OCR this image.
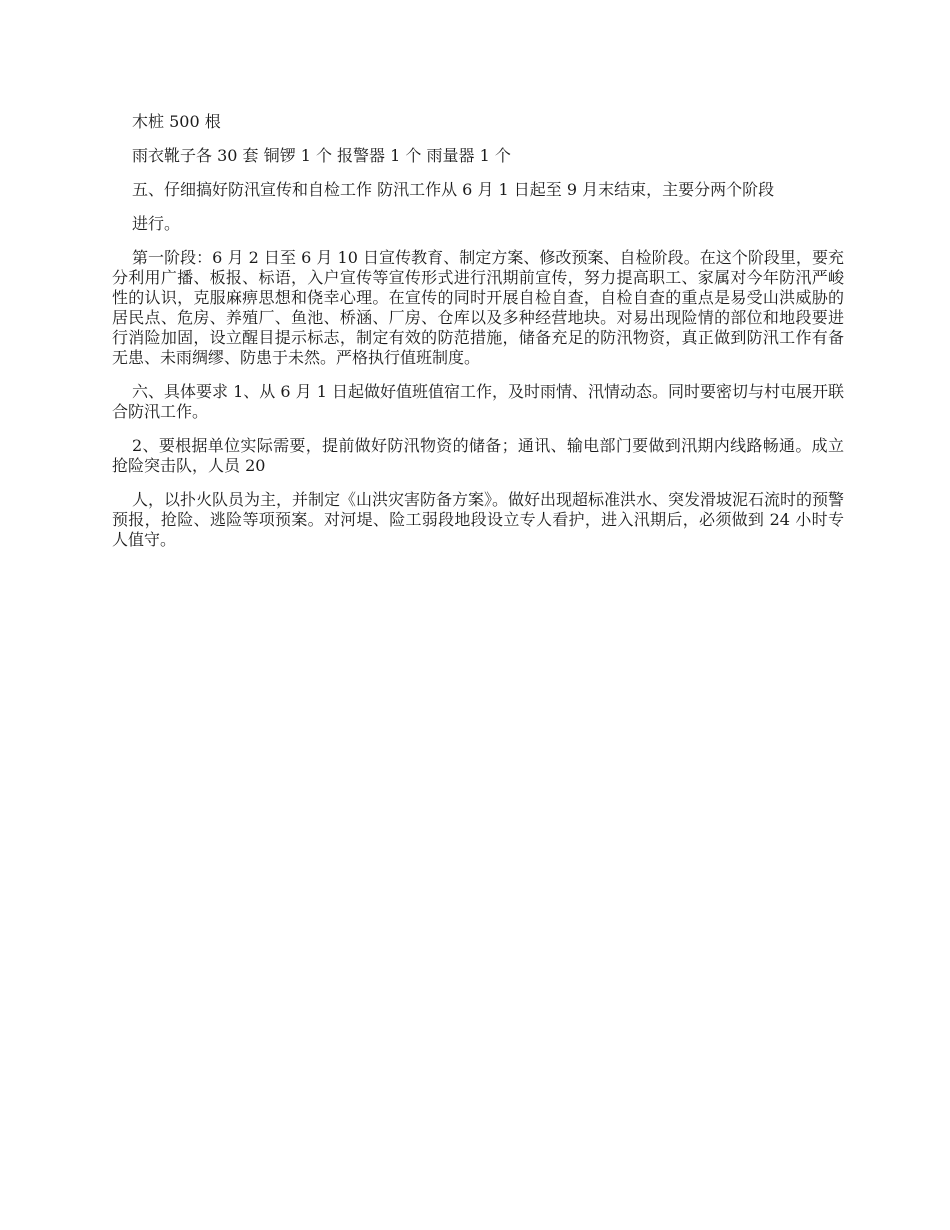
木桩 500 根

雨衣靴子各 30 套 铜锣 1 个 报警器 1 个 雨量器 1 个

五、仔细搞好防汛宣传和自检工作 防汛工作从 6 月 1 日起至 9 月末结束，主要分两个阶段

进行。

第一阶段：6 月 2 日至 6 月 10 日宣传教育、制定方案、修改预案、自检阶段。在这个阶段里，要充分利用广播、板报、标语，入户宣传等宣传形式进行汛期前宣传，努力提高职工、家属对今年防汛严峻性的认识，克服麻痹思想和侥幸心理。在宣传的同时开展自检自查，自检自查的重点是易受山洪威胁的居民点、危房、养殖厂、鱼池、桥涵、厂房、仓库以及多种经营地块。对易出现险情的部位和地段要进行消险加固，设立醒目提示标志，制定有效的防范措施，储备充足的防汛物资，真正做到防汛工作有备无患、未雨绸缪、防患于未然。严格执行值班制度。

六、具体要求 1、从 6 月 1 日起做好值班值宿工作，及时雨情、汛情动态。同时要密切与村屯展开联合防汛工作。

2、要根据单位实际需要，提前做好防汛物资的储备；通讯、输电部门要做到汛期内线路畅通。成立抢险突击队，人员 20

人，以扑火队员为主，并制定《山洪灾害防备方案》。做好出现超标准洪水、突发滑坡泥石流时的预警预报，抢险、逃险等项预案。对河堤、险工弱段地段设立专人看护，进入汛期后，必须做到 24 小时专人值守。
